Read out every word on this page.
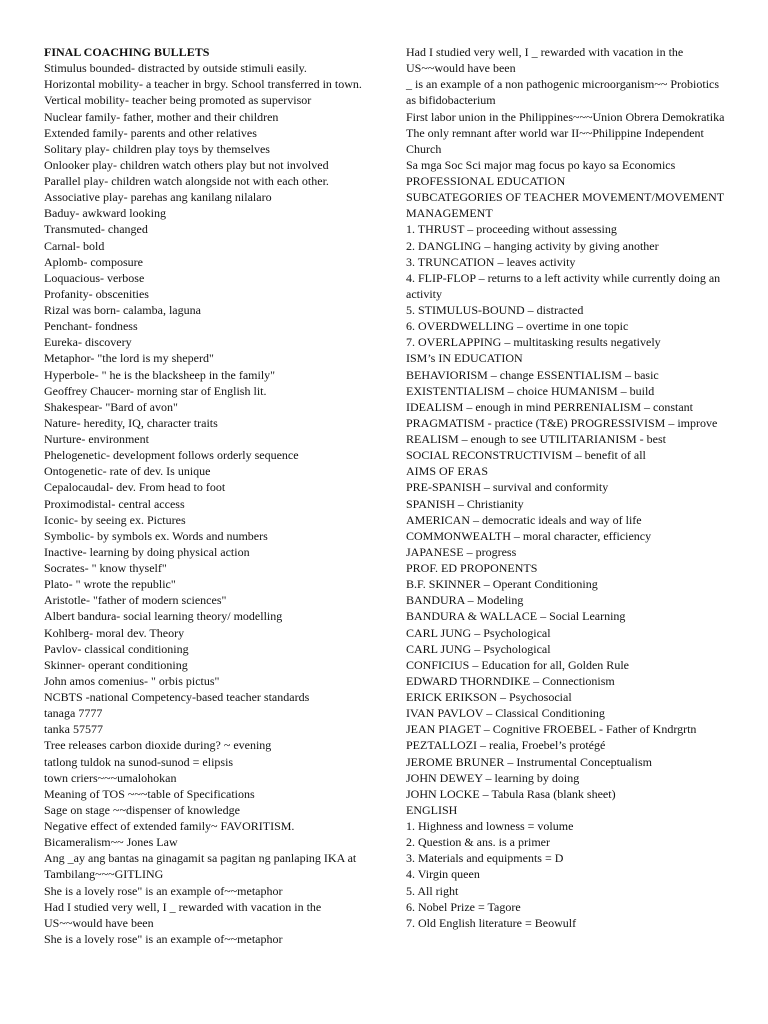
FINAL COACHING BULLETS

Stimulus bounded- distracted by outside stimuli easily.

Horizontal mobility- a teacher in brgy. School transferred in town.

Vertical mobility- teacher being promoted as supervisor

Nuclear family- father, mother and their children

Extended family- parents and other relatives

Solitary play- children play toys by themselves

Onlooker play- children watch others play but not involved

Parallel play- children watch alongside not with each other.

Associative play- parehas ang kanilang nilalaro

Baduy- awkward looking

Transmuted- changed

Carnal- bold

Aplomb- composure

Loquacious- verbose

Profanity- obscenities

Rizal was born- calamba, laguna

Penchant- fondness

Eureka- discovery

Metaphor- "the lord is my sheperd"

Hyperbole- " he is the blacksheep in the family"

Geoffrey Chaucer- morning star of English lit.

Shakespear- "Bard of avon"

Nature- heredity, IQ, character traits

Nurture- environment

Phelogenetic- development follows orderly sequence

Ontogenetic- rate of dev. Is unique

Cepalocaudal- dev. From head to foot

Proximodistal- central access

Iconic- by seeing ex. Pictures

Symbolic- by symbols ex. Words and numbers

Inactive- learning by doing physical action

Socrates- " know thyself"

Plato- " wrote the republic"

Aristotle- "father of modern sciences"

Albert bandura- social learning theory/ modelling

Kohlberg- moral dev. Theory

Pavlov- classical conditioning

Skinner- operant conditioning

John amos comenius- " orbis pictus"

NCBTS -national Competency-based teacher standards

tanaga 7777

tanka 57577

Tree releases carbon dioxide during? ~ evening

tatlong tuldok na sunod-sunod = elipsis

town criers~~~umalohokan

Meaning of TOS ~~~table of Specifications

Sage on stage ~~dispenser of knowledge

Negative effect of extended family~ FAVORITISM.

Bicameralism~~ Jones Law

Ang _ay ang bantas na ginagamit sa pagitan ng panlaping IKA at Tambilang~~~GITLING

She is a lovely rose" is an example of~~metaphor

Had I studied very well, I _ rewarded with vacation in the US~~would have been

She is a lovely rose" is an example of~~metaphor

Had I studied very well, I _ rewarded with vacation in the US~~would have been

_ is an example of a non pathogenic microorganism~~ Probiotics as bifidobacterium

First labor union in the Philippines~~~Union Obrera Demokratika

The only remnant after world war II~~Philippine Independent Church

Sa mga Soc Sci major mag focus po kayo sa Economics

PROFESSIONAL EDUCATION

SUBCATEGORIES OF TEACHER MOVEMENT/MOVEMENT MANAGEMENT

1. THRUST – proceeding without assessing

2. DANGLING – hanging activity by giving another

3. TRUNCATION – leaves activity

4. FLIP-FLOP – returns to a left activity while currently doing an activity

5. STIMULUS-BOUND – distracted

6. OVERDWELLING – overtime in one topic

7. OVERLAPPING – multitasking results negatively

ISM’s IN EDUCATION

BEHAVIORISM – change ESSENTIALISM – basic

EXISTENTIALISM – choice HUMANISM – build

IDEALISM – enough in mind PERRENIALISM – constant

PRAGMATISM - practice (T&E) PROGRESSIVISM – improve

REALISM – enough to see UTILITARIANISM - best

SOCIAL RECONSTRUCTIVISM – benefit of all

AIMS OF ERAS

PRE-SPANISH – survival and conformity

SPANISH – Christianity

AMERICAN – democratic ideals and way of life

COMMONWEALTH – moral character, efficiency

JAPANESE – progress

PROF. ED PROPONENTS

B.F. SKINNER – Operant Conditioning

BANDURA – Modeling

BANDURA & WALLACE – Social Learning

CARL JUNG – Psychological

CARL JUNG – Psychological

CONFICIUS – Education for all, Golden Rule

EDWARD THORNDIKE – Connectionism

ERICK ERIKSON – Psychosocial

IVAN PAVLOV – Classical Conditioning

JEAN PIAGET – Cognitive FROEBEL - Father of Kndrgrtn

PEZTALLOZI – realia, Froebel’s protégé

JEROME BRUNER – Instrumental Conceptualism

JOHN DEWEY – learning by doing

JOHN LOCKE – Tabula Rasa (blank sheet)

ENGLISH

1. Highness and lowness = volume

2. Question & ans. is a primer

3. Materials and equipments = D

4. Virgin queen

5. All right

6. Nobel Prize = Tagore

7. Old English literature = Beowulf
